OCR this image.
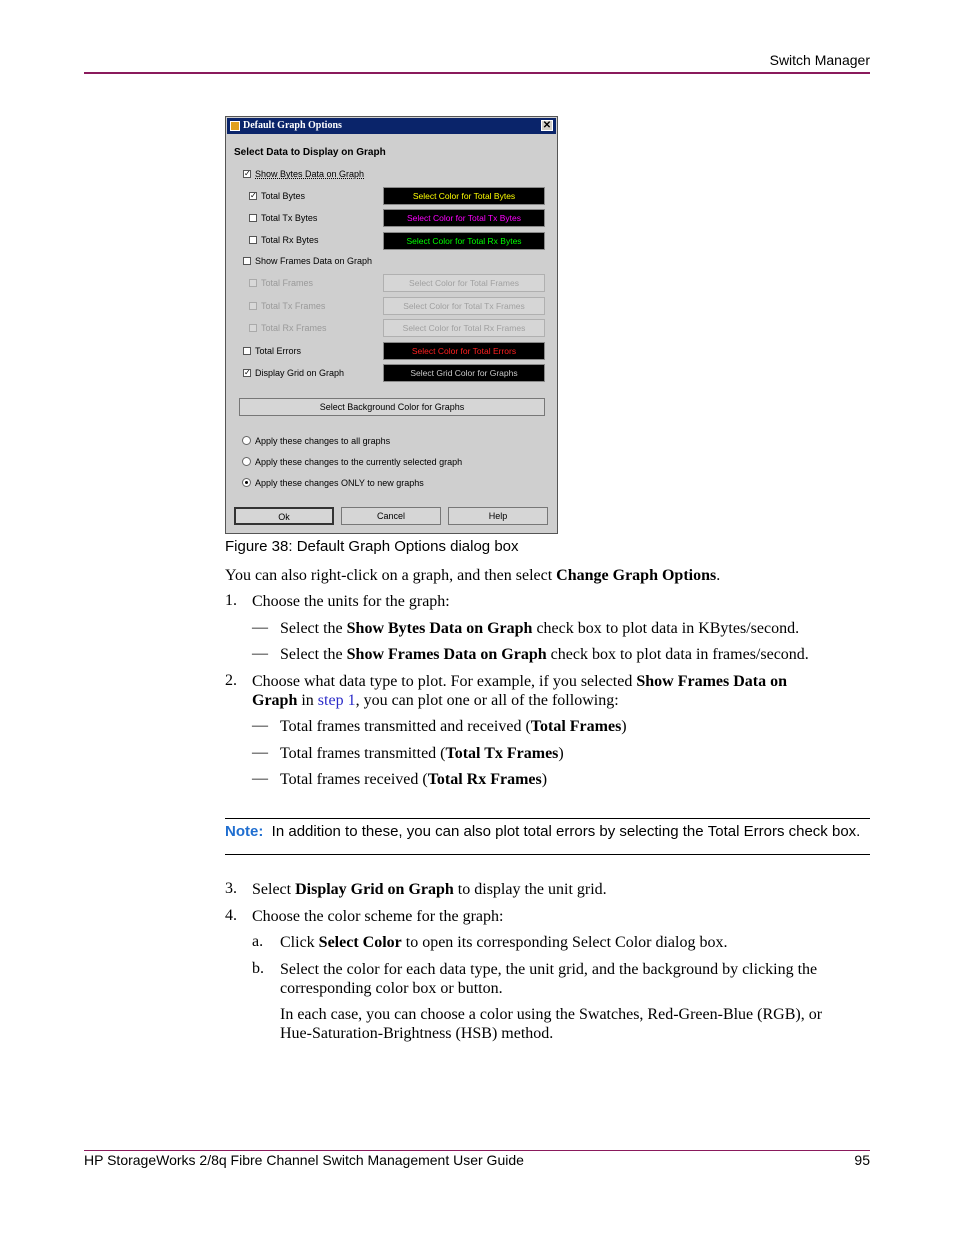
Switch Manager
HP StorageWorks 2/8q Fibre Channel Switch Management User Guide	95
Default Graph Options	✕
Select Data to Display on Graph
✓ Show Bytes Data on Graph
✓ Total Bytes	Select Color for Total Bytes
Total Tx Bytes	Select Color for Total Tx Bytes
Total Rx Bytes	Select Color for Total Rx Bytes
Show Frames Data on Graph
Total Frames	Select Color for Total Frames
Total Tx Frames	Select Color for Total Tx Frames
Total Rx Frames	Select Color for Total Rx Frames
Total Errors	Select Color for Total Errors
✓ Display Grid on Graph	Select Grid Color for Graphs
Select Background Color for Graphs
Apply these changes to all graphs
Apply these changes to the currently selected graph
Apply these changes ONLY to new graphs
Ok	Cancel	Help
Figure 38: Default Graph Options dialog box
You can also right-click on a graph, and then select Change Graph Options.
1. Choose the units for the graph:
— Select the Show Bytes Data on Graph check box to plot data in KBytes/second.
— Select the Show Frames Data on Graph check box to plot data in frames/second.
2. Choose what data type to plot. For example, if you selected Show Frames Data on
Graph in step 1, you can plot one or all of the following:
— Total frames transmitted and received (Total Frames)
— Total frames transmitted (Total Tx Frames)
— Total frames received (Total Rx Frames)
Note: In addition to these, you can also plot total errors by selecting the Total Errors check box.
3. Select Display Grid on Graph to display the unit grid.
4. Choose the color scheme for the graph:
a. Click Select Color to open its corresponding Select Color dialog box.
b. Select the color for each data type, the unit grid, and the background by clicking the
corresponding color box or button.
In each case, you can choose a color using the Swatches, Red-Green-Blue (RGB), or
Hue-Saturation-Brightness (HSB) method.
